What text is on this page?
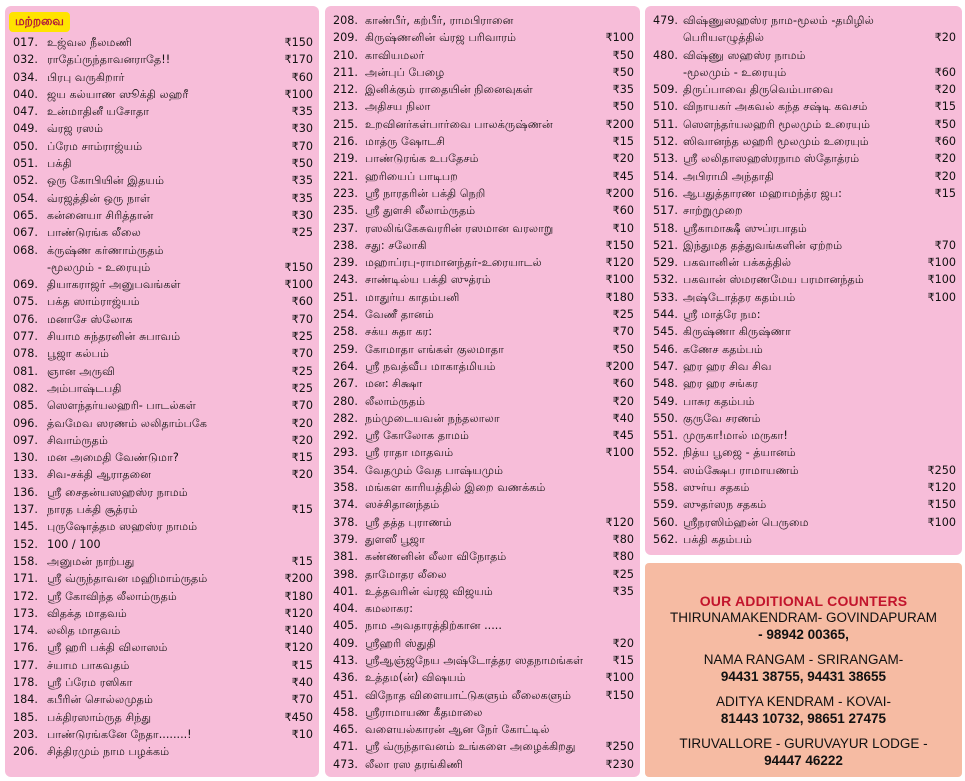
மற்றவை
017. உஜ்வல நீலமணி	₹150
032. ராதேப்ருந்தாவனராதே!!	₹170
034. பிரபு வருகிறார்	₹60
040. ஜய கல்யாண ஸூக்தி லஹரீ	₹100
047. உன்மாதினீ யசோதா	₹35
049. வ்ரஜ ரஸம்	₹30
050. ப்ரேம சாம்ராஜ்யம்	₹70
051. பக்தி	₹50
052. ஒரு கோபியின் இதயம்	₹35
054. வ்ரஜத்தின் ஒரு நாள்	₹35
065. கன்னையா சிரித்தான்	₹30
067. பாண்டுரங்க லீலை	₹25
068. க்ருஷ்ண கர்ணாம்ருதம்
-மூலமும் - உரையும்	₹150
069. தியாகராஜர் அனுபவங்கள்	₹100
075. பக்த ஸாம்ராஜ்யம்	₹60
076. மனாசே ஸ்லோக	₹70
077. சியாம சுந்தரனின் சுபாவம்	₹25
078. பூஜா கல்பம்	₹70
081. ஞான அருவி	₹25
082. அம்பாஷ்டபதி	₹25
085. ஸௌந்தர்யலஹரி- பாடல்கள்	₹70
096. த்வமேவ ஸரணம் லலிதாம்பகே	₹20
097. சிவாம்ருதம்	₹20
130. மன அமைதி வேண்டுமா?	₹15
133. சிவ-சக்தி ஆராதனை	₹20
136. ஸ்ரீ சைதன்யஸஹஸ்ர நாமம்
137. நாரத பக்தி சூத்ரம்	₹15
145. புருஷோத்தம ஸஹஸ்ர நாமம்
152. 100 / 100
158. அனுமன் நாற்பது	₹15
171. ஸ்ரீ வ்ருந்தாவன மஹிமாம்ருதம்	₹200
172. ஸ்ரீ கோவிந்த லீலாம்ருதம்	₹180
173. விதக்த மாதவம்	₹120
174. லலித மாதவம்	₹140
176. ஸ்ரீ ஹரி பக்தி விலாஸம்	₹120
177. ச்யாம பாகவதம்	₹15
178. ஸ்ரீ ப்ரேம ரஸிகா	₹40
184. கபீரின் சொல்லமுதம்	₹70
185. பக்திரஸாம்ருத சிந்து	₹450
203. பாண்டுரங்கனே நேதா........!	₹10
206. சித்திரமும் நாம பழக்கம்
208. காண்பீர், கற்பீர், ராமபிரானை
209. கிருஷ்ணனின் வ்ரஜ பரிவாரம்	₹100
210. காவியமலர்	₹50
211. அன்புப் பேழை	₹50
212. இனிக்கும் ராதையின் நினைவுகள்	₹35
213. அதிசய நிலா	₹50
215. உறவினர்கள்பார்வை பாலக்ருஷ்ணன்	₹200
216. மாத்ரு ஷோடசி	₹15
219. பாண்டுரங்க உபதேசம்	₹20
221. ஹரியைப் பாடிபற	₹45
223. ஸ்ரீ நாரதரின் பக்தி நெறி	₹200
235. ஸ்ரீ துளசி லீலாம்ருதம்	₹60
237. ரஸலிங்கேசுவரரின் ரஸமான வரலாறு	₹10
238. சது: சலோகி	₹150
239. மஹாப்ரபு-ராமானந்தர்-உரையாடல்	₹120
243. சாண்டில்ய பக்தி ஸுத்ரம்	₹100
251. மாதுர்ய காதம்பனி	₹180
254. வேணீ தானம்	₹25
258. சக்ய சுதா கர:	₹70
259. கோமாதா எங்கள் குலமாதா	₹50
264. ஸ்ரீ நவத்வீப மாகாத்மியம்	₹200
267. மன: சிக்ஷா	₹60
280. லீலாம்ருதம்	₹20
282. நம்முடையவன் நந்தலாலா	₹40
292. ஸ்ரீ கோலோக தாமம்	₹45
293. ஸ்ரீ ராதா மாதவம்	₹100
354. வேதமும் வேத பாஷ்யமும்
358. மங்கள காரியத்தில் இறை வணக்கம்
374. ஸச்சிதானந்தம்
378. ஸ்ரீ தத்த புராணம்	₹120
379. துளஸீ பூஜா	₹80
381. கண்ணனின் லீலா விநோதம்	₹80
398. தாமோதர லீலை	₹25
401. உத்தவரின் வ்ரஜ விஜயம்	₹35
404. கமலாகர:
405. நாம அவதாரத்திற்கான .....
409. ஸ்ரீஹரி ஸ்துதி	₹20
413. ஸ்ரீஆஞ்ஜநேய அஷ்டோத்தர ஸதநாமங்கள்	₹15
436. உத்தம(ன்) விஷயம்	₹100
451. விநோத விளையாட்டுகளும் லீலைகளும்	₹150
458. ஸ்ரீராமாயண கீதமாலை
465. வளையல்காரன் ஆன நேர் கோட்டில்
471. ஸ்ரீ வ்ருந்தாவனம் உங்களை அழைக்கிறது	₹250
473. லீலா ரஸ தரங்கிணி	₹230
479. விஷ்ணுஸஹஸ்ர நாம-மூலம் -தமிழில்
பெரியஎழுத்தில்	₹20
480. விஷ்ணு ஸஹஸ்ர நாமம்
-மூலமும் - உரையும்	₹60
509. திருப்பாவை திருவெம்பாவை	₹20
510. விநாயகர் அகவல் கந்த சஷ்டி கவசம்	₹15
511. ஸௌந்தர்யலஹரி மூலமும் உரையும்	₹50
512. ஸிவானந்த லஹரி மூலமும் உரையும்	₹60
513. ஸ்ரீ லலிதாஸஹஸ்ரநாம ஸ்தோத்ரம்	₹20
514. அபிராமி அந்தாதி	₹20
516. ஆபதுத்தாரண மஹாமந்த்ர ஜப:	₹15
517. சாற்றுமுறை
518. ஸ்ரீகாமாக்ஷீ ஸுப்ரபாதம்
521. இந்துமத தத்துவங்களின் ஏற்றம்	₹70
529. பகவானின் பக்கத்தில்	₹100
532. பகவான் ஸ்மரணமேய பரமானந்தம்	₹100
533. அஷ்டோத்தர கதம்பம்	₹100
544. ஸ்ரீ மாத்ரே நம:
545. கிருஷ்ணா கிருஷ்ணா
546. கணேச கதம்பம்
547. ஹர ஹர சிவ சிவ
548. ஹர ஹர சங்கர
549. பாசுர கதம்பம்
550. குருவே சரணம்
551. முருகா!மால் மருகா!
552. நித்ய பூஜை - த்யானம்
554. ஸம்க்ஷேப ராமாயணம்	₹250
558. ஸுர்ய சதகம்	₹120
559. ஸுதர்ஸந சதகம்	₹150
560. ஸ்ரீநரஸிம்ஹன் பெருமை	₹100
562. பக்தி கதம்பம்
OUR ADDITIONAL COUNTERS
THIRUNAMAKENDRAM- GOVINDAPURAM
- 98942 00365,
NAMA RANGAM - SRIRANGAM-
94431 38755, 94431 38655
ADITYA KENDRAM - KOVAI-
81443 10732, 98651 27475
TIRUVALLORE - GURUVAYUR LODGE -
94447 46222
